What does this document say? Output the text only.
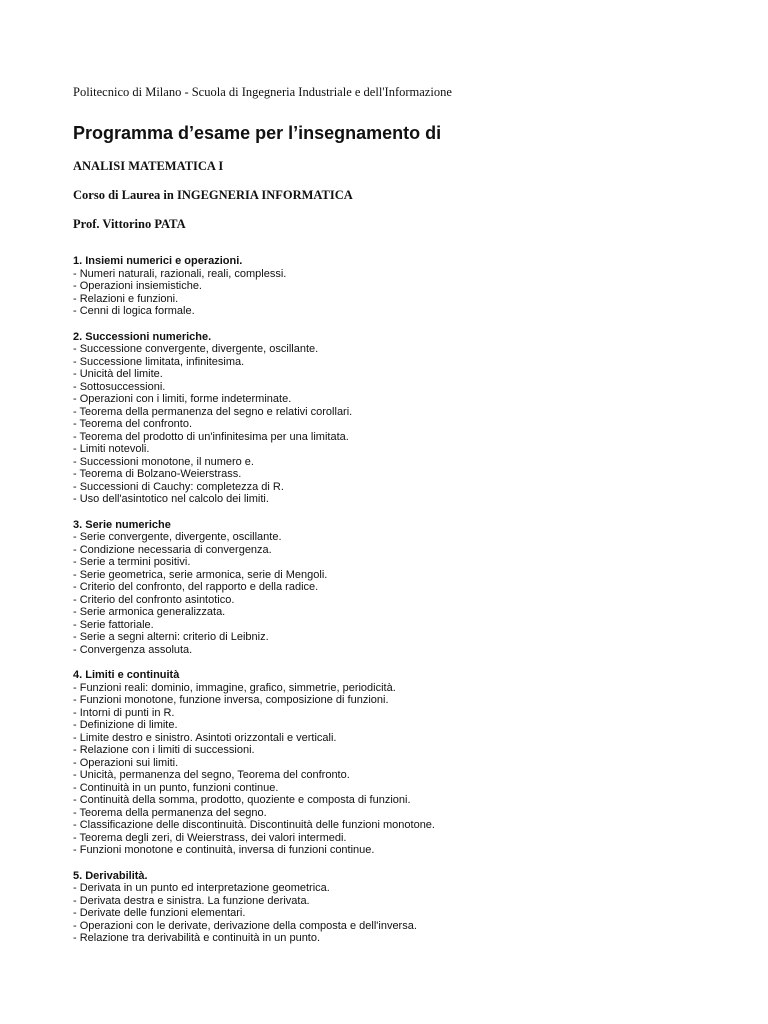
Politecnico di Milano - Scuola di Ingegneria Industriale e dell'Informazione

Programma d’esame per l’insegnamento di

ANALISI MATEMATICA I

Corso di Laurea in INGEGNERIA INFORMATICA

Prof. Vittorino PATA

1. Insiemi numerici e operazioni.

- Numeri naturali, razionali, reali, complessi.
- Operazioni insiemistiche.
- Relazioni e funzioni.
- Cenni di logica formale.

2. Successioni numeriche.

- Successione convergente, divergente, oscillante.
- Successione limitata, infinitesima.
- Unicità del limite.
- Sottosuccessioni.
- Operazioni con i limiti, forme indeterminate.
- Teorema della permanenza del segno e relativi corollari.
- Teorema del confronto.
- Teorema del prodotto di un'infinitesima per una limitata.
- Limiti notevoli.
- Successioni monotone, il numero e.
- Teorema di Bolzano-Weierstrass.
- Successioni di Cauchy: completezza di R.
- Uso dell'asintotico nel calcolo dei limiti.

3. Serie numeriche

- Serie convergente, divergente, oscillante.
- Condizione necessaria di convergenza.
- Serie a termini positivi.
- Serie geometrica, serie armonica, serie di Mengoli.
- Criterio del confronto, del rapporto e della radice.
- Criterio del confronto asintotico.
- Serie armonica generalizzata.
- Serie fattoriale.
- Serie a segni alterni: criterio di Leibniz.
- Convergenza assoluta.

4. Limiti e continuità

- Funzioni reali: dominio, immagine, grafico, simmetrie, periodicità.
- Funzioni monotone, funzione inversa, composizione di funzioni.
- Intorni di punti in R.
- Definizione di limite.
- Limite destro e sinistro. Asintoti orizzontali e verticali.
- Relazione con i limiti di successioni.
- Operazioni sui limiti.
- Unicità, permanenza del segno, Teorema del confronto.
- Continuità in un punto, funzioni continue.
- Continuità della somma, prodotto, quoziente e composta di funzioni.
- Teorema della permanenza del segno.
- Classificazione delle discontinuità. Discontinuità delle funzioni monotone.
- Teorema degli zeri, di Weierstrass, dei valori intermedi.
- Funzioni monotone e continuità, inversa di funzioni continue.

5. Derivabilità.

- Derivata in un punto ed interpretazione geometrica.
- Derivata destra e sinistra. La funzione derivata.
- Derivate delle funzioni elementari.
- Operazioni con le derivate, derivazione della composta e dell'inversa.
- Relazione tra derivabilità e continuità in un punto.
